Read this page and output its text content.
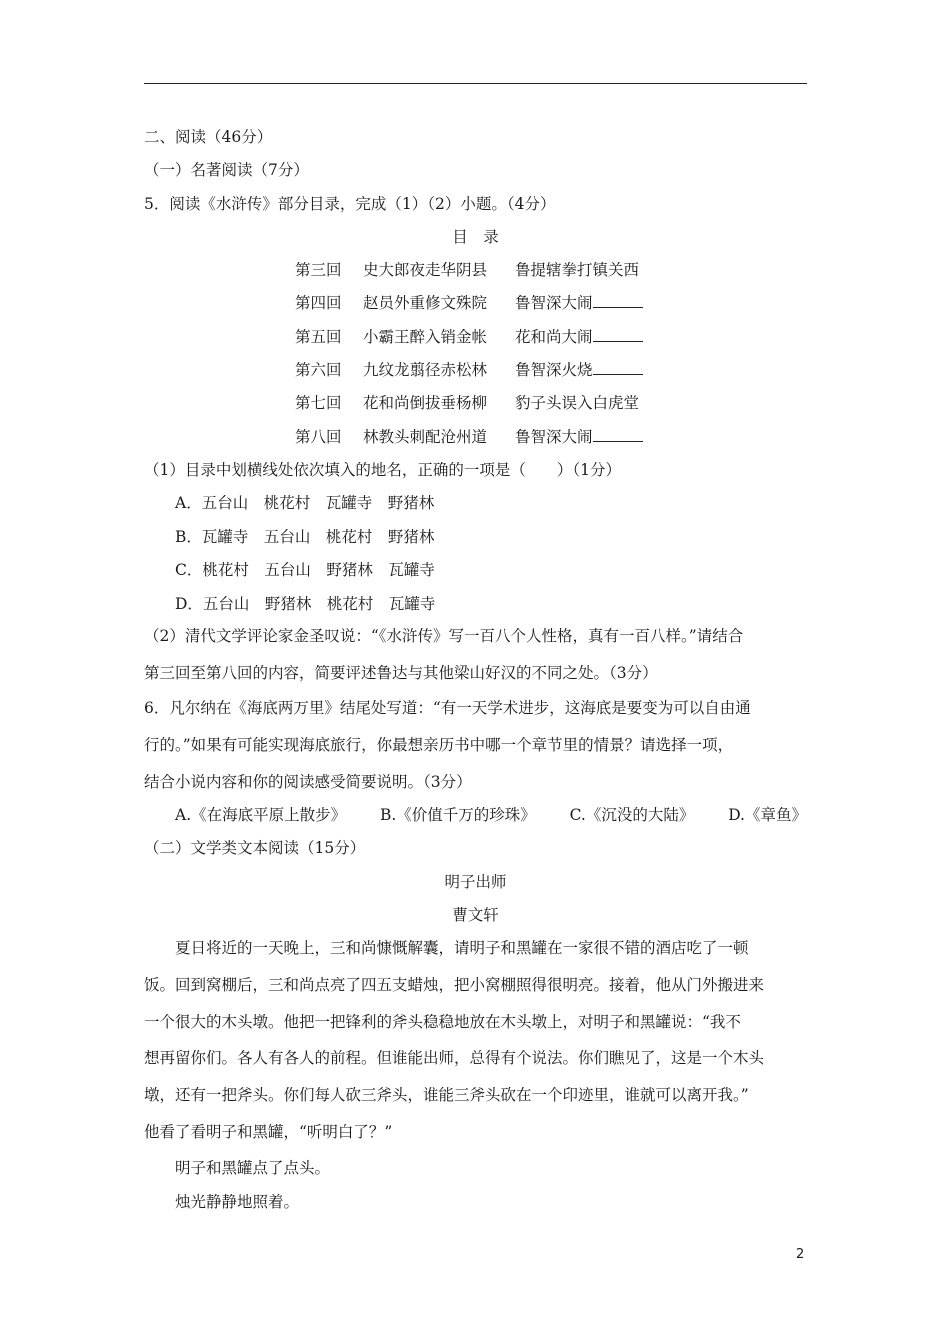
二、阅读（46分）
（一）名著阅读（7分）
5．阅读《水浒传》部分目录，完成（1）（2）小题。（4分）
目　录
第三回 史大郎夜走华阴县 鲁提辖拳打镇关西
第四回 赵员外重修文殊院 鲁智深大闹
第五回 小霸王醉入销金帐 花和尚大闹
第六回 九纹龙翦径赤松林 鲁智深火烧
第七回 花和尚倒拔垂杨柳 豹子头误入白虎堂
第八回 林教头刺配沧州道 鲁智深大闹
（1）目录中划横线处依次填入的地名，正确的一项是（　　）（1分）
A．五台山　桃花村　瓦罐寺　野猪林
B．瓦罐寺　五台山　桃花村　野猪林
C．桃花村　五台山　野猪林　瓦罐寺
D．五台山　野猪林　桃花村　瓦罐寺
（2）清代文学评论家金圣叹说：“《水浒传》写一百八个人性格，真有一百八样。”请结合
第三回至第八回的内容，简要评述鲁达与其他梁山好汉的不同之处。（3分）
6．凡尔纳在《海底两万里》结尾处写道：“有一天学术进步，这海底是要变为可以自由通
行的。”如果有可能实现海底旅行，你最想亲历书中哪一个章节里的情景？请选择一项，
结合小说内容和你的阅读感受简要说明。（3分）
A.《在海底平原上散步》 B.《价值千万的珍珠》 C.《沉没的大陆》 D.《章鱼》
（二）文学类文本阅读（15分）
明子出师
曹文轩
夏日将近的一天晚上，三和尚慷慨解囊，请明子和黑罐在一家很不错的酒店吃了一顿
饭。回到窝棚后，三和尚点亮了四五支蜡烛，把小窝棚照得很明亮。接着，他从门外搬进来
一个很大的木头墩。他把一把锋利的斧头稳稳地放在木头墩上，对明子和黑罐说：“我不
想再留你们。各人有各人的前程。但谁能出师，总得有个说法。你们瞧见了，这是一个木头
墩，还有一把斧头。你们每人砍三斧头，谁能三斧头砍在一个印迹里，谁就可以离开我。”
他看了看明子和黑罐，“听明白了？”
明子和黑罐点了点头。
烛光静静地照着。
2
